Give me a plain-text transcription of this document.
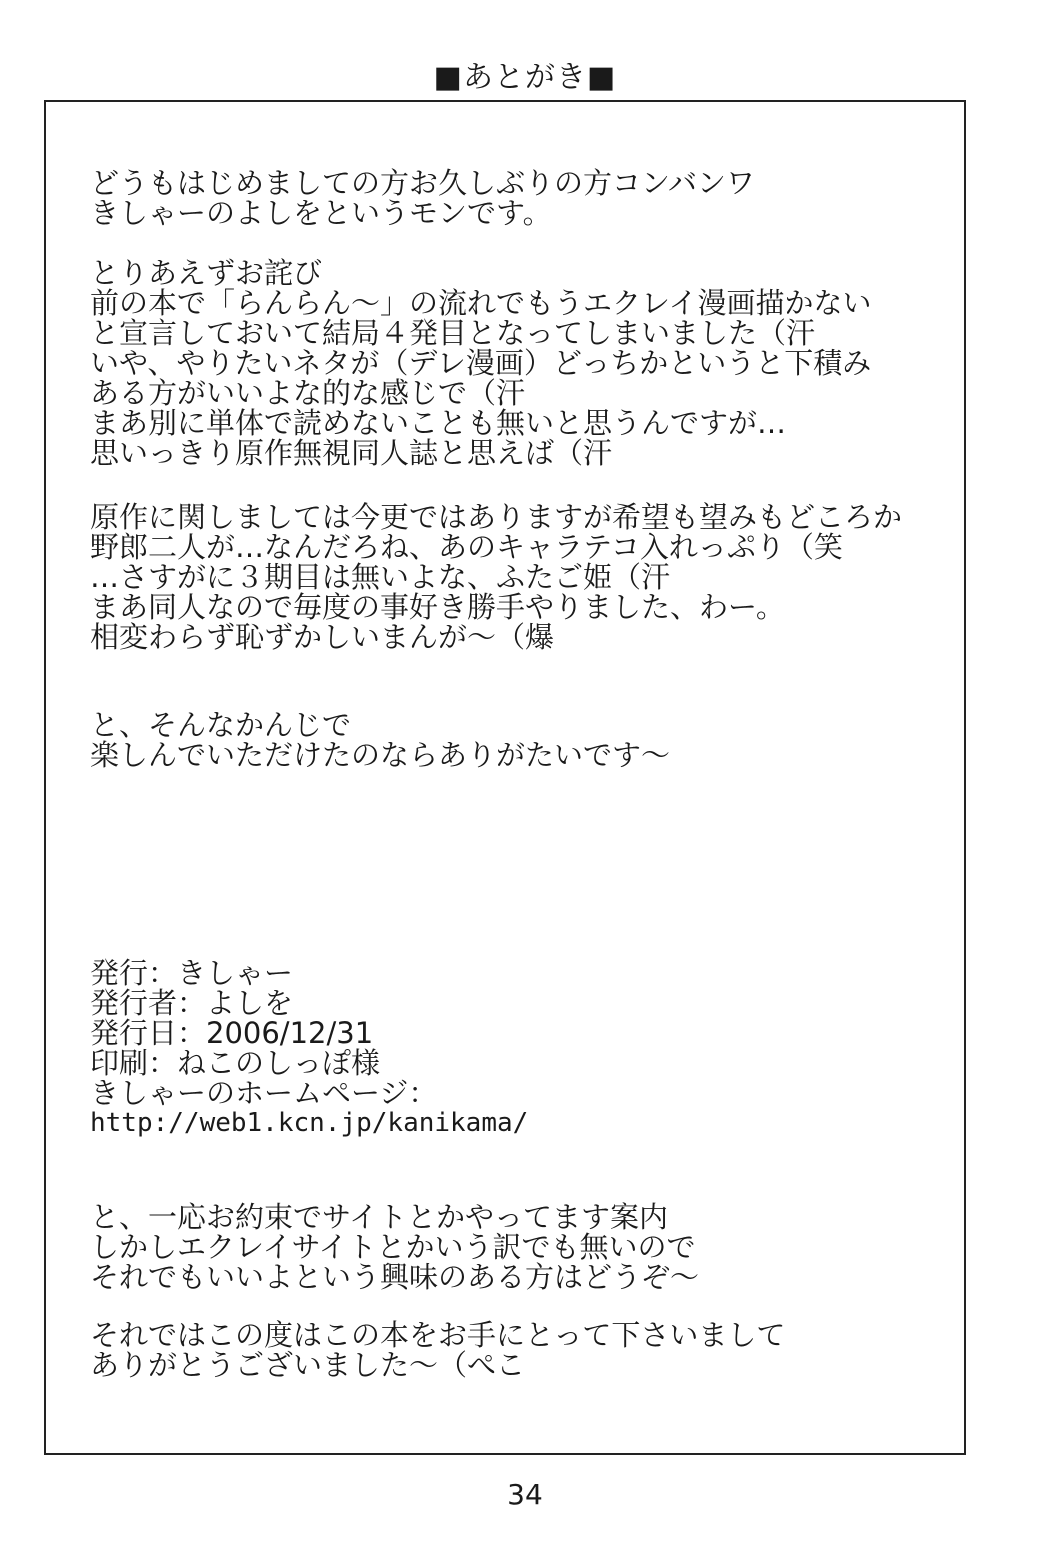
■あとがき■
どうもはじめましての方お久しぶりの方コンバンワ
きしゃーのよしをというモンです。
とりあえずお詫び
前の本で「らんらん～」の流れでもうエクレイ漫画描かない
と宣言しておいて結局４発目となってしまいました（汗
いや、やりたいネタが（デレ漫画）どっちかというと下積み
ある方がいいよな的な感じで（汗
まあ別に単体で読めないことも無いと思うんですが…
思いっきり原作無視同人誌と思えば（汗
原作に関しましては今更ではありますが希望も望みもどころか
野郎二人が…なんだろね、あのキャラテコ入れっぷり（笑
…さすがに３期目は無いよな、ふたご姫（汗
まあ同人なので毎度の事好き勝手やりました、わー。
相変わらず恥ずかしいまんが～（爆
と、そんなかんじで
楽しんでいただけたのならありがたいです～
発行：きしゃー
発行者：よしを
発行日：2006/12/31
印刷：ねこのしっぽ様
きしゃーのホームページ：
http://web1.kcn.jp/kanikama/
と、一応お約束でサイトとかやってます案内
しかしエクレイサイトとかいう訳でも無いので
それでもいいよという興味のある方はどうぞ～
それではこの度はこの本をお手にとって下さいまして
ありがとうございました～（ぺこ
34
